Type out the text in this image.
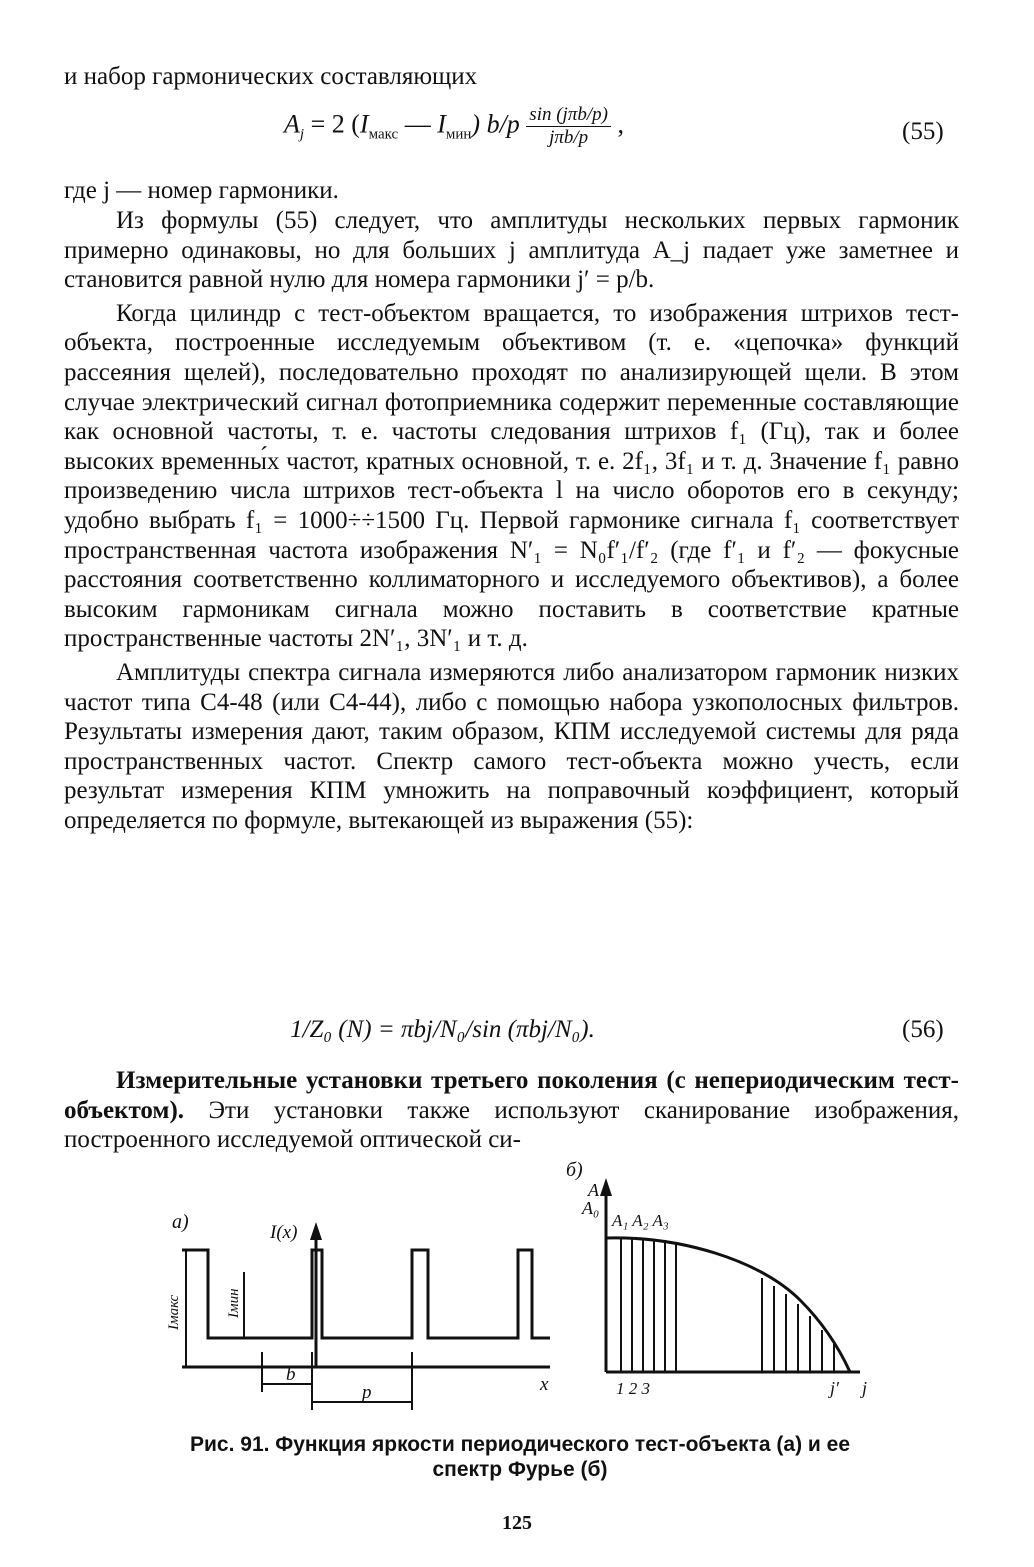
и набор гармонических составляющих
$A_j = 2$ ($I_{макс}$ — $I_{мин}$) $b/p \frac{\text{sin (jπb/p)}}{\text{jπb/p}}$ ,	(55)
где j — номер гармоники.

Из формулы (55) следует, что амплитуды нескольких первых гармоник примерно одинаковы, но для больших j амплитуда A_j падает уже заметнее и становится равной нулю для номера гармоники j′ = p/b.

Когда цилиндр с тест-объектом вращается, то изображения штрихов тест-объекта, построенные исследуемым объективом (т. е. «цепочка» функций рассеяния щелей), последовательно проходят по анализирующей щели. В этом случае электрический сигнал фотоприемника содержит переменные составляющие как основной частоты, т. е. частоты следования штрихов f₁ (Гц), так и более высоких временны́х частот, кратных основной, т. е. 2f₁, 3f₁ и т. д. Значение f₁ равно произведению числа штрихов тест-объекта l на число оборотов его в секунду; удобно выбрать f₁ = 1000÷÷1500 Гц. Первой гармонике сигнала f₁ соответствует пространственная частота изображения N′₁ = N₀f′₁/f′₂ (где f′₁ и f′₂ — фокусные расстояния соответственно коллиматорного и исследуемого объективов), а более высоким гармоникам сигнала можно поставить в соответствие кратные пространственные частоты 2N′₁, 3N′₁ и т. д.

Амплитуды спектра сигнала измеряются либо анализатором гармоник низких частот типа С4-48 (или С4-44), либо с помощью набора узкополосных фильтров. Результаты измерения дают, таким образом, КПМ исследуемой системы для ряда пространственных частот. Спектр самого тест-объекта можно учесть, если результат измерения КПМ умножить на поправочный коэффициент, который определяется по формуле, вытекающей из выражения (55):

1/Z₀ (N) = πbj/N₀/sin (πbj/N₀).	(56)

Измерительные установки третьего поколения (с непериодическим тест-объектом). Эти установки также используют сканирование изображения, построенного исследуемой оптической си-

а)	I(x)
x
Iмакс	Iмин
b
p
б)
A
A₀
A₁ A₂ A₃
1 2 3	j′ j
Рис. 91. Функция яркости периодического тест-объекта (а) и ее
спектр Фурье (б)
125
